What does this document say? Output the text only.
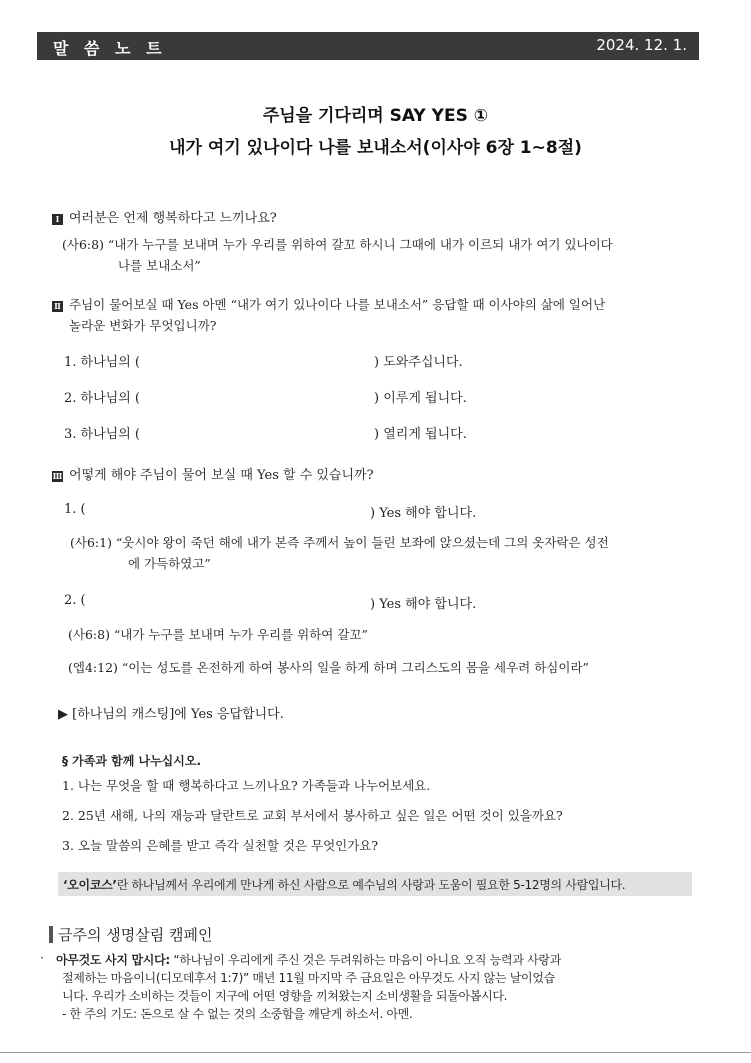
말 씀 노 트	2024. 12. 1.
주님을 기다리며 SAY YES ①
내가 여기 있나이다 나를 보내소서(이사야 6장 1~8절)
Ⅰ 여러분은 언제 행복하다고 느끼나요?
(사6:8) “내가 누구를 보내며 누가 우리를 위하여 갈꼬 하시니 그때에 내가 이르되 내가 여기 있나이다
나를 보내소서”
Ⅱ 주님이 물어보실 때 Yes 아멘 “내가 여기 있나이다 나를 보내소서” 응답할 때 이사야의 삶에 일어난
놀라운 변화가 무엇입니까?
1. 하나님의 (	) 도와주십니다.
2. 하나님의 (	) 이루게 됩니다.
3. 하나님의 (	) 열리게 됩니다.
Ⅲ 어떻게 해야 주님이 물어 보실 때 Yes 할 수 있습니까?
1. (	) Yes 해야 합니다.
(사6:1) “웃시야 왕이 죽던 해에 내가 본즉 주께서 높이 들린 보좌에 앉으셨는데 그의 옷자락은 성전
에 가득하였고”
2. (	) Yes 해야 합니다.
(사6:8) “내가 누구를 보내며 누가 우리를 위하여 갈꼬”
(엡4:12) “이는 성도를 온전하게 하여 봉사의 일을 하게 하며 그리스도의 몸을 세우려 하심이라”
▶ [하나님의 캐스팅]에 Yes 응답합니다.
§ 가족과 함께 나누십시오.
1. 나는 무엇을 할 때 행복하다고 느끼나요? 가족들과 나누어보세요.
2. 25년 새해, 나의 재능과 달란트로 교회 부서에서 봉사하고 싶은 일은 어떤 것이 있을까요?
3. 오늘 말씀의 은혜를 받고 즉각 실천할 것은 무엇인가요?
‘오이코스’란 하나님께서 우리에게 만나게 하신 사람으로 예수님의 사랑과 도움이 필요한 5-12명의 사람입니다.
금주의 생명살림 캠페인
· 아무것도 사지 맙시다: “하나님이 우리에게 주신 것은 두려워하는 마음이 아니요 오직 능력과 사랑과
절제하는 마음이니(디모데후서 1:7)” 매년 11월 마지막 주 금요일은 아무것도 사지 않는 날이었습
니다. 우리가 소비하는 것들이 지구에 어떤 영향을 끼쳐왔는지 소비생활을 되돌아봅시다.
- 한 주의 기도: 돈으로 살 수 없는 것의 소중함을 깨닫게 하소서. 아멘.
